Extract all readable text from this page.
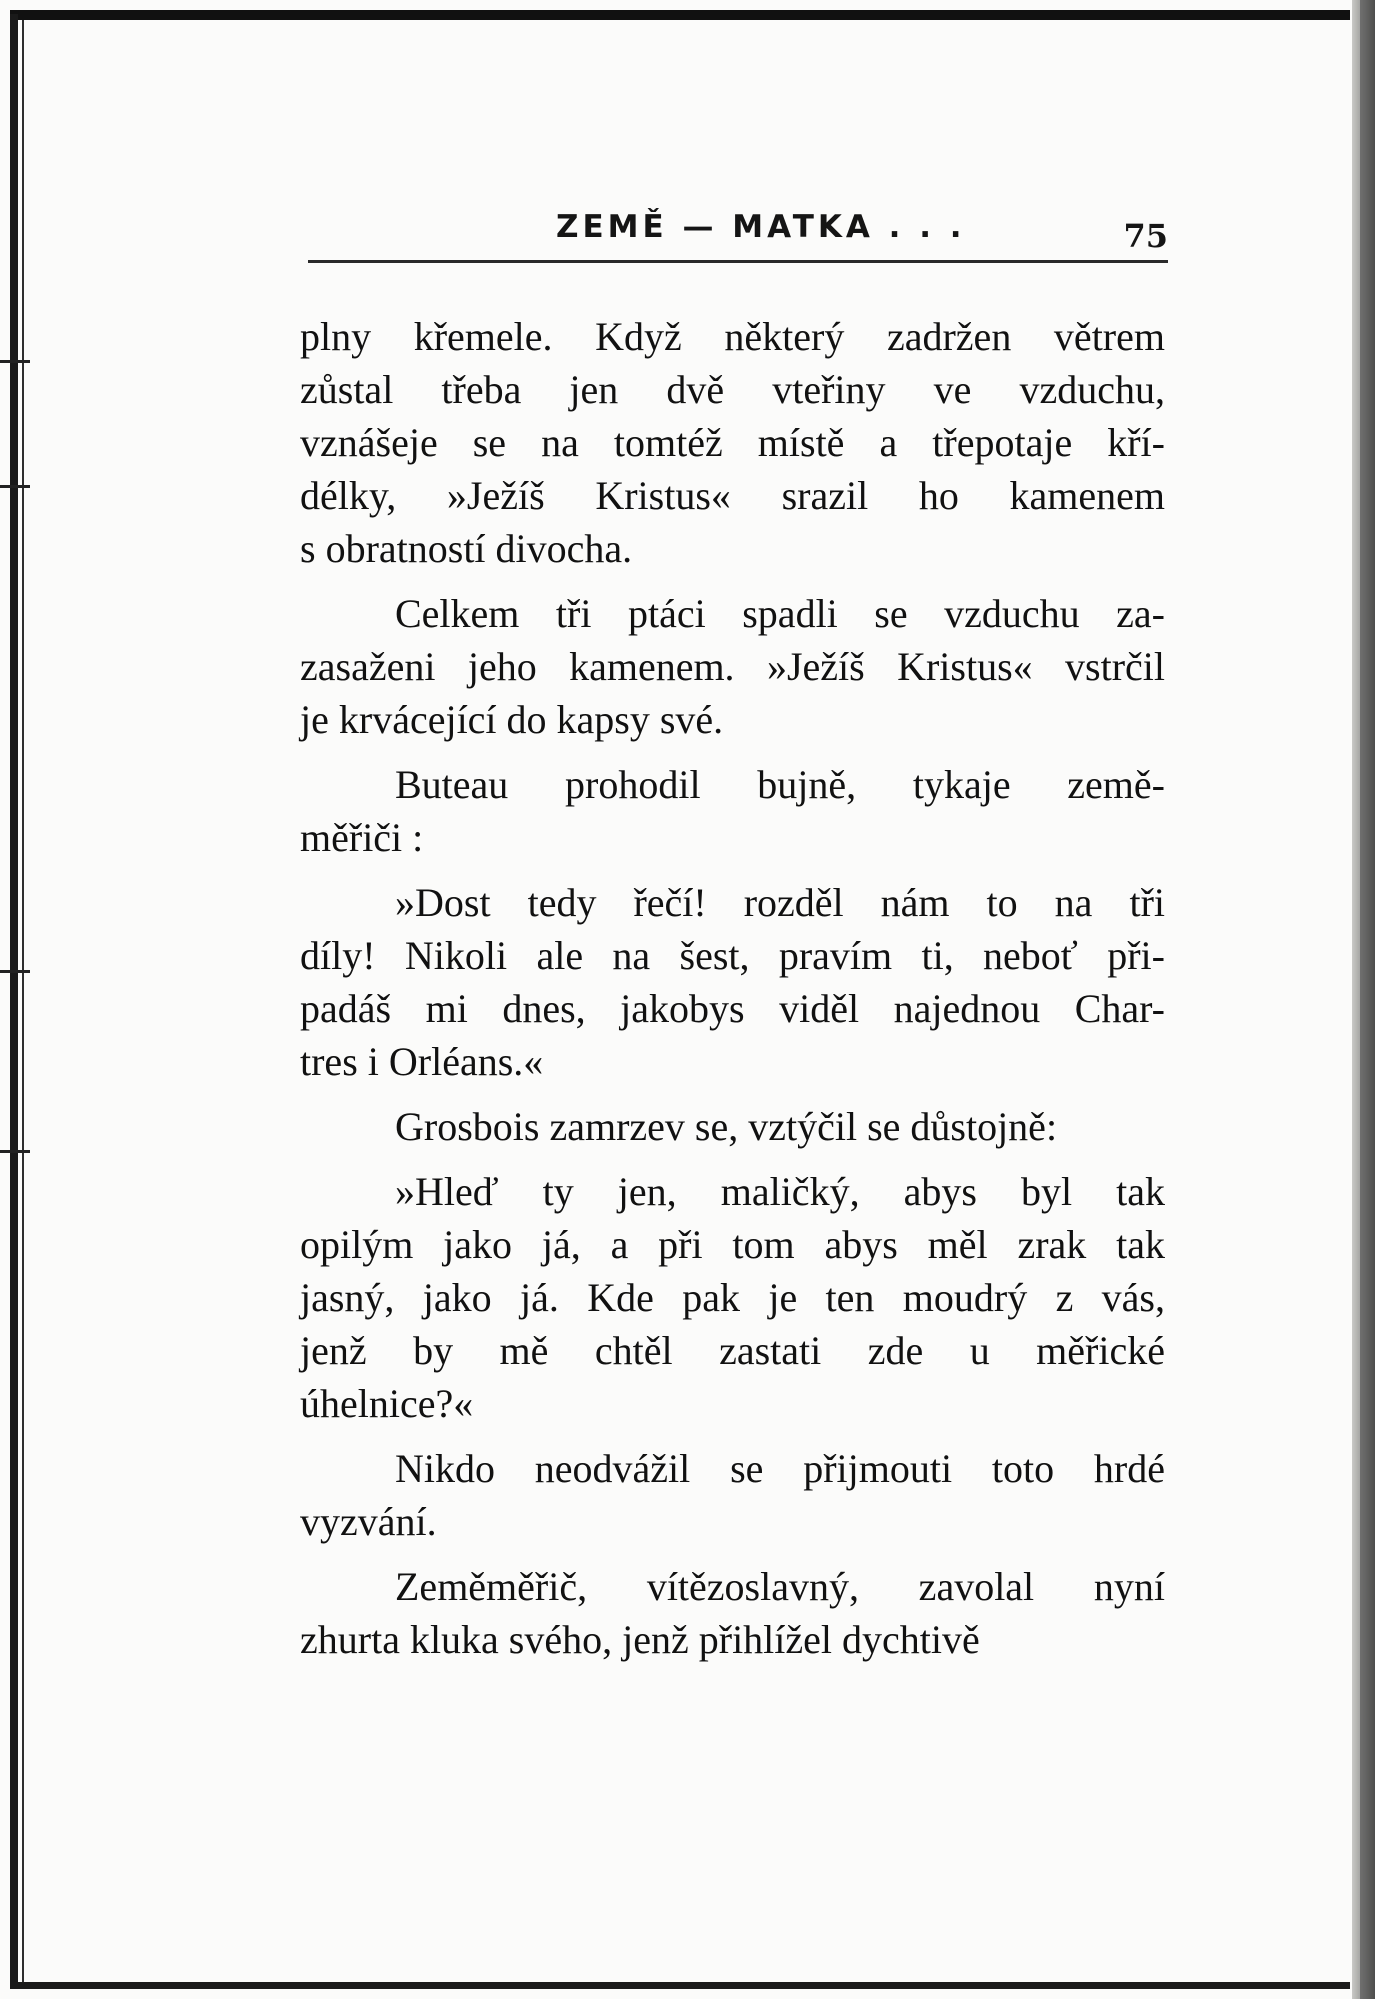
ZEMĚ — MATKA . . .	75
plny křemele. Když některý zadržen větrem
zůstal třeba jen dvě vteřiny ve vzduchu,
vznášeje se na tomtéž místě a třepotaje kří-
délky, »Ježíš Kristus« srazil ho kamenem
s obratností divocha.
Celkem tři ptáci spadli se vzduchu za-
zasaženi jeho kamenem. »Ježíš Kristus« vstrčil
je krvácející do kapsy své.
Buteau prohodil bujně, tykaje země-
měřiči :
»Dost tedy řečí! rozděl nám to na tři
díly! Nikoli ale na šest, pravím ti, neboť při-
padáš mi dnes, jakobys viděl najednou Char-
tres i Orléans.«
Grosbois zamrzev se, vztýčil se důstojně:
»Hleď ty jen, maličký, abys byl tak
opilým jako já, a při tom abys měl zrak tak
jasný, jako já. Kde pak je ten moudrý z vás,
jenž by mě chtěl zastati zde u měřické
úhelnice?«
Nikdo neodvážil se přijmouti toto hrdé
vyzvání.
Zeměměřič, vítězoslavný, zavolal nyní
zhurta kluka svého, jenž přihlížel dychtivě
